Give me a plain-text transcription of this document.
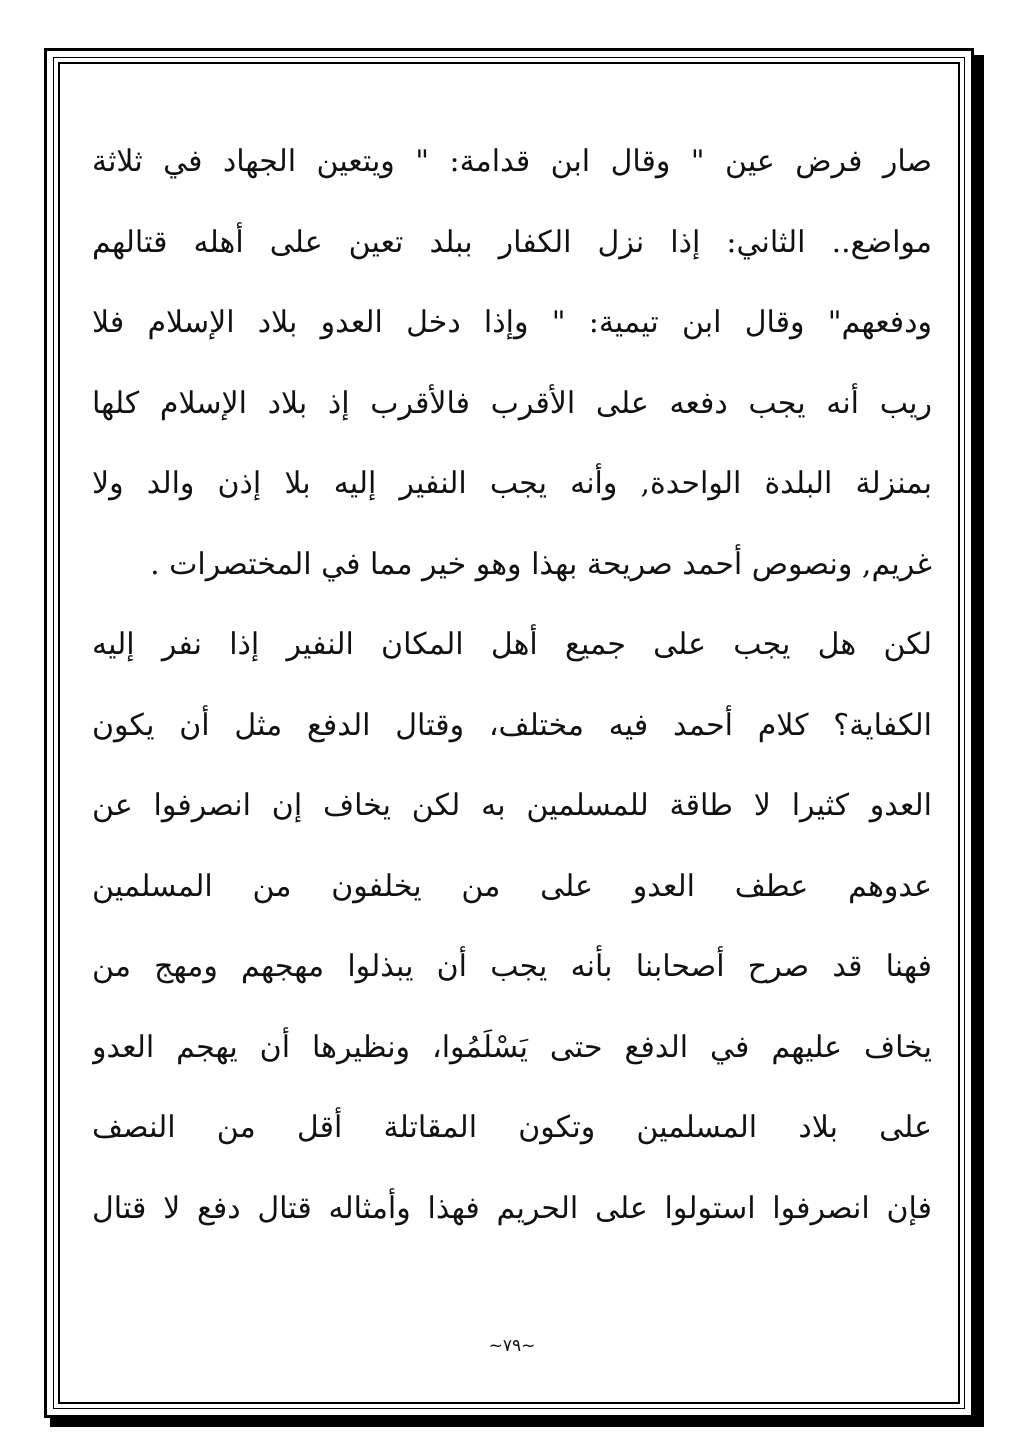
صار فرض عين " وقال ابن قدامة: " ويتعين الجهاد في ثلاثة
مواضع.. الثاني: إذا نزل الكفار ببلد تعين على أهله قتالهم
ودفعهم" وقال ابن تيمية: " وإذا دخل العدو بلاد الإسلام فلا
ريب أنه يجب دفعه على الأقرب فالأقرب إذ بلاد الإسلام كلها
بمنزلة البلدة الواحدة, وأنه يجب النفير إليه بلا إذن والد ولا
غريم, ونصوص أحمد صريحة بهذا وهو خير مما في المختصرات .
لكن هل يجب على جميع أهل المكان النفير إذا نفر إليه
الكفاية؟ كلام أحمد فيه مختلف، وقتال الدفع مثل أن يكون
العدو كثيرا لا طاقة للمسلمين به لكن يخاف إن انصرفوا عن
عدوهم عطف العدو على من يخلفون من المسلمين
فهنا قد صرح أصحابنا بأنه يجب أن يبذلوا مهجهم ومهج من
يخاف عليهم في الدفع حتى يَسْلَمُوا، ونظيرها أن يهجم العدو
على بلاد المسلمين وتكون المقاتلة أقل من النصف
فإن انصرفوا استولوا على الحريم فهذا وأمثاله قتال دفع لا قتال
~٧٩~
